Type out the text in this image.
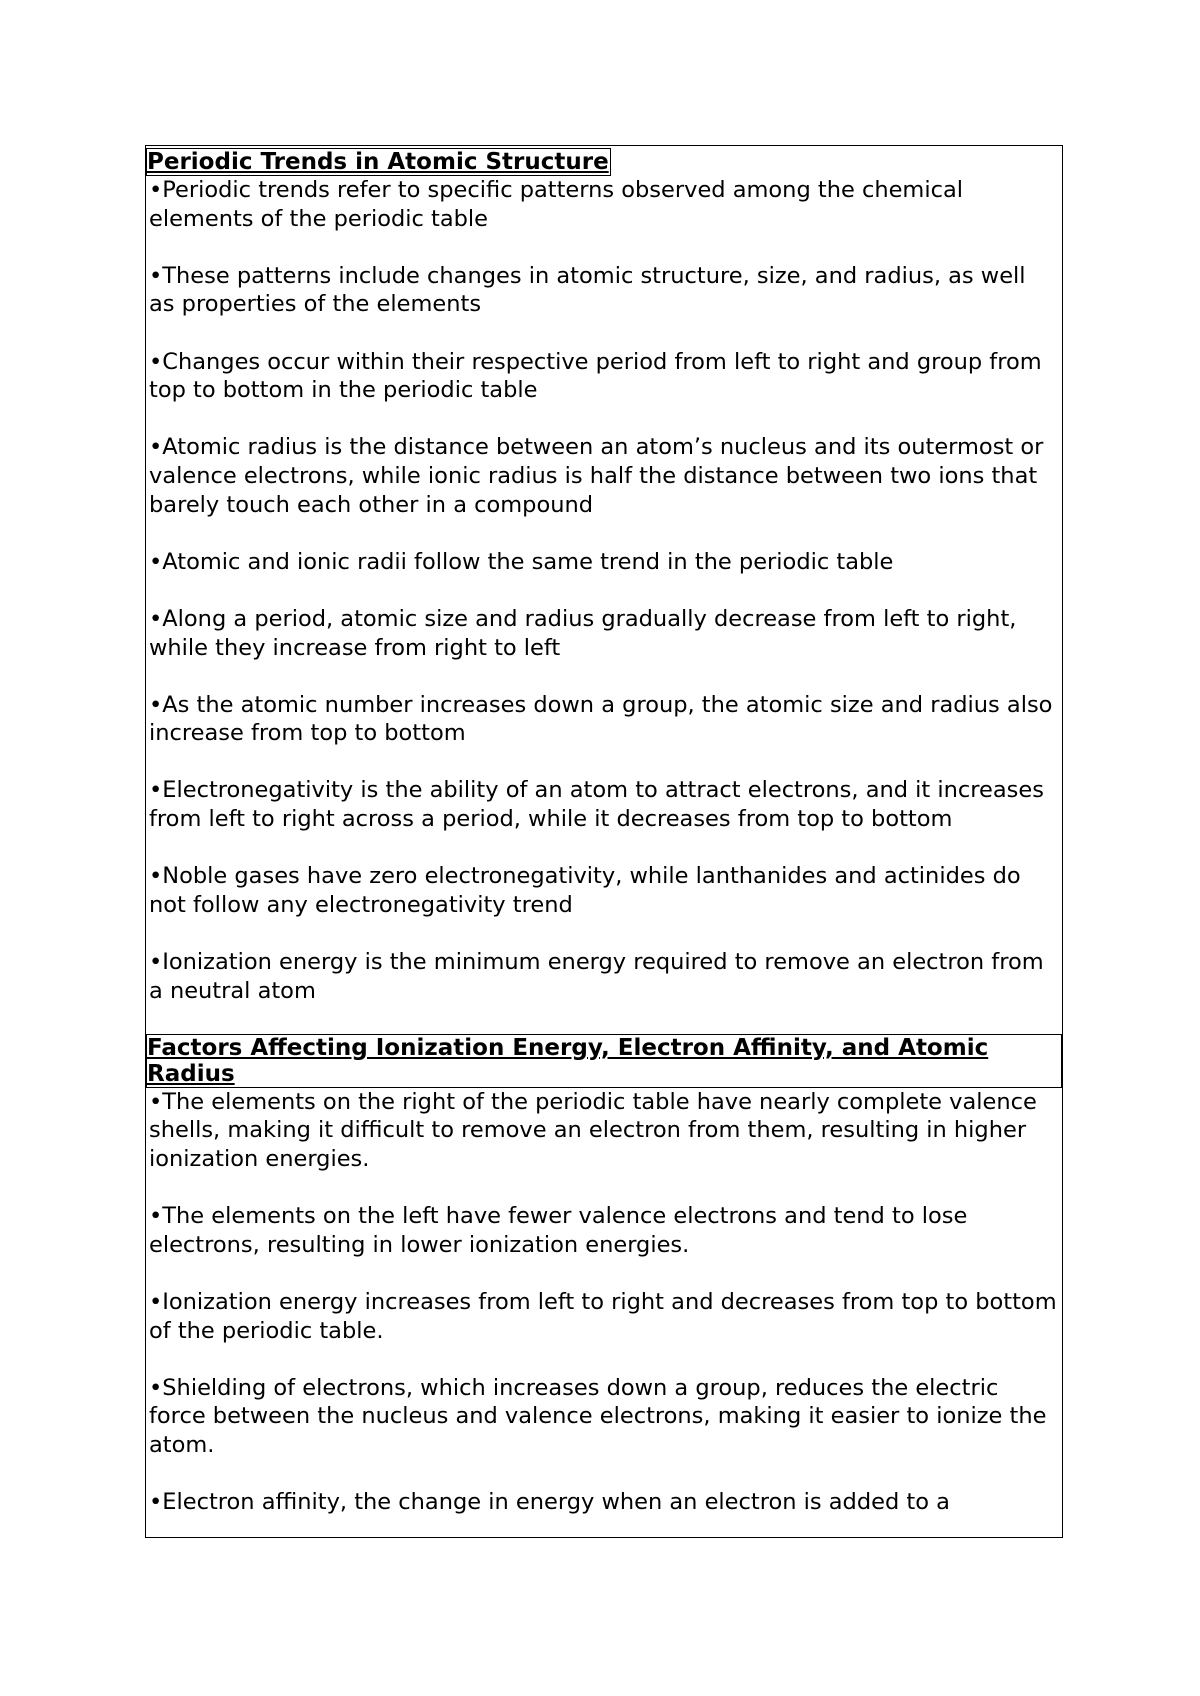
Periodic Trends in Atomic Structure
•Periodic trends refer to specific patterns observed among the chemical elements of the periodic table
•These patterns include changes in atomic structure, size, and radius, as well as properties of the elements
•Changes occur within their respective period from left to right and group from top to bottom in the periodic table
•Atomic radius is the distance between an atom’s nucleus and its outermost or valence electrons, while ionic radius is half the distance between two ions that barely touch each other in a compound
•Atomic and ionic radii follow the same trend in the periodic table
•Along a period, atomic size and radius gradually decrease from left to right, while they increase from right to left
•As the atomic number increases down a group, the atomic size and radius also increase from top to bottom
•Electronegativity is the ability of an atom to attract electrons, and it increases from left to right across a period, while it decreases from top to bottom
•Noble gases have zero electronegativity, while lanthanides and actinides do not follow any electronegativity trend
•Ionization energy is the minimum energy required to remove an electron from a neutral atom
Factors Affecting Ionization Energy, Electron Affinity, and Atomic Radius
•The elements on the right of the periodic table have nearly complete valence shells, making it difficult to remove an electron from them, resulting in higher ionization energies.
•The elements on the left have fewer valence electrons and tend to lose electrons, resulting in lower ionization energies.
•Ionization energy increases from left to right and decreases from top to bottom of the periodic table.
•Shielding of electrons, which increases down a group, reduces the electric force between the nucleus and valence electrons, making it easier to ionize the atom.
•Electron affinity, the change in energy when an electron is added to a
